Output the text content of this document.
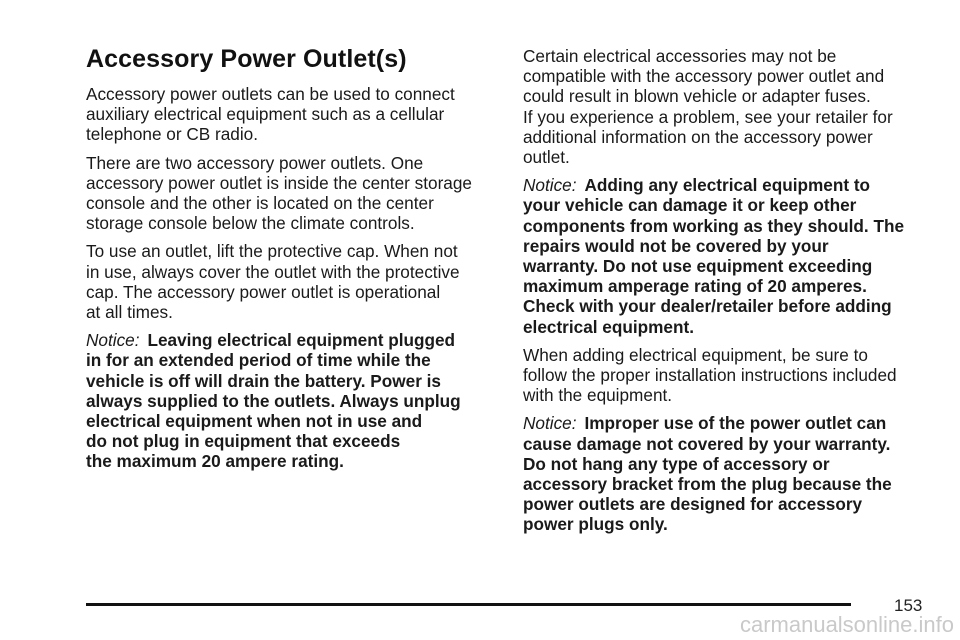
Accessory Power Outlet(s)

Accessory power outlets can be used to connect
auxiliary electrical equipment such as a cellular
telephone or CB radio.

There are two accessory power outlets. One
accessory power outlet is inside the center storage
console and the other is located on the center
storage console below the climate controls.

To use an outlet, lift the protective cap. When not
in use, always cover the outlet with the protective
cap. The accessory power outlet is operational
at all times.

Notice: Leaving electrical equipment plugged
in for an extended period of time while the
vehicle is off will drain the battery. Power is
always supplied to the outlets. Always unplug
electrical equipment when not in use and
do not plug in equipment that exceeds
the maximum 20 ampere rating.

Certain electrical accessories may not be
compatible with the accessory power outlet and
could result in blown vehicle or adapter fuses.
If you experience a problem, see your retailer for
additional information on the accessory power
outlet.

Notice: Adding any electrical equipment to
your vehicle can damage it or keep other
components from working as they should. The
repairs would not be covered by your
warranty. Do not use equipment exceeding
maximum amperage rating of 20 amperes.
Check with your dealer/retailer before adding
electrical equipment.

When adding electrical equipment, be sure to
follow the proper installation instructions included
with the equipment.

Notice: Improper use of the power outlet can
cause damage not covered by your warranty.
Do not hang any type of accessory or
accessory bracket from the plug because the
power outlets are designed for accessory
power plugs only.

153
carmanualsonline.info
